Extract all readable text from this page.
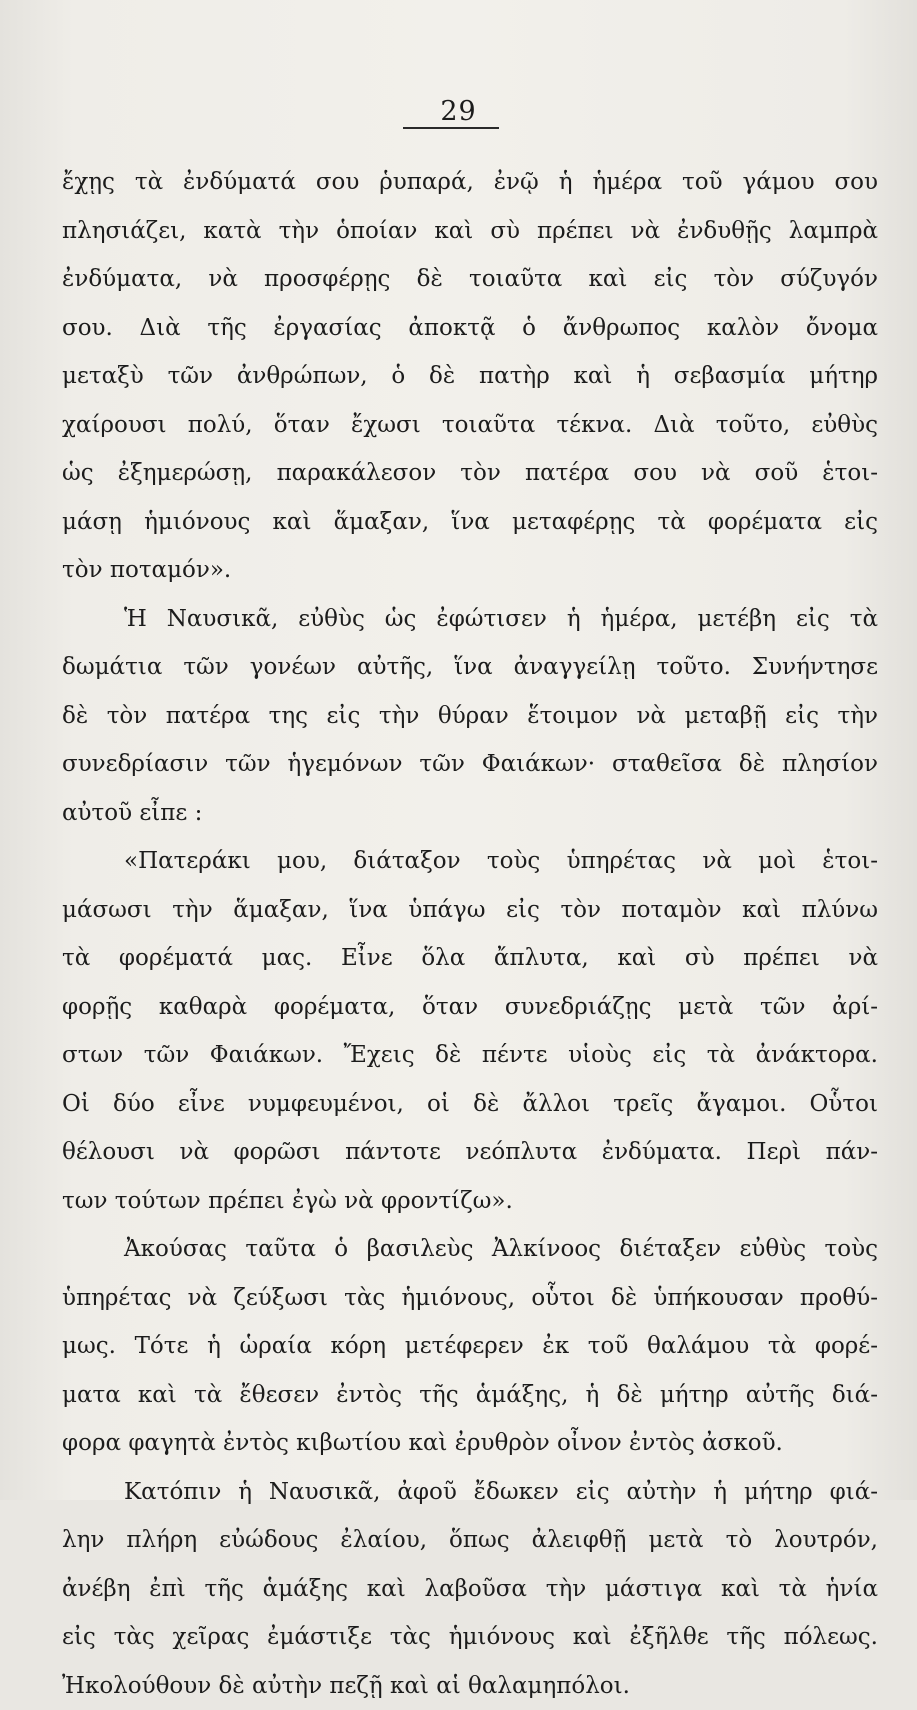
29
ἔχῃς τὰ ἐνδύματά σου ῥυπαρά, ἐνῷ ἡ ἡμέρα τοῦ γάμου σου
πλησιάζει, κατὰ τὴν ὁποίαν καὶ σὺ πρέπει νὰ ἐνδυθῇς λαμπρὰ
ἐνδύματα, νὰ προσφέρῃς δὲ τοιαῦτα καὶ εἰς τὸν σύζυγόν
σου. Διὰ τῆς ἐργασίας ἀποκτᾷ ὁ ἄνθρωπος καλὸν ὄνομα
μεταξὺ τῶν ἀνθρώπων, ὁ δὲ πατὴρ καὶ ἡ σεβασμία μήτηρ
χαίρουσι πολύ, ὅταν ἔχωσι τοιαῦτα τέκνα. Διὰ τοῦτο, εὐθὺς
ὡς ἐξημερώσῃ, παρακάλεσον τὸν πατέρα σου νὰ σοῦ ἑτοι-
μάσῃ ἡμιόνους καὶ ἅμαξαν, ἵνα μεταφέρῃς τὰ φορέματα εἰς
τὸν ποταμόν».
Ἡ Ναυσικᾶ, εὐθὺς ὡς ἐφώτισεν ἡ ἡμέρα, μετέβη εἰς τὰ
δωμάτια τῶν γονέων αὐτῆς, ἵνα ἀναγγείλῃ τοῦτο. Συνήντησε
δὲ τὸν πατέρα της εἰς τὴν θύραν ἕτοιμον νὰ μεταβῇ εἰς τὴν
συνεδρίασιν τῶν ἡγεμόνων τῶν Φαιάκων· σταθεῖσα δὲ πλησίον
αὐτοῦ εἶπε :
«Πατεράκι μου, διάταξον τοὺς ὑπηρέτας νὰ μοὶ ἑτοι-
μάσωσι τὴν ἅμαξαν, ἵνα ὑπάγω εἰς τὸν ποταμὸν καὶ πλύνω
τὰ φορέματά μας. Εἶνε ὅλα ἄπλυτα, καὶ σὺ πρέπει νὰ
φορῇς καθαρὰ φορέματα, ὅταν συνεδριάζῃς μετὰ τῶν ἀρί-
στων τῶν Φαιάκων. Ἔχεις δὲ πέντε υἱοὺς εἰς τὰ ἀνάκτορα.
Οἱ δύο εἶνε νυμφευμένοι, οἱ δὲ ἄλλοι τρεῖς ἄγαμοι. Οὗτοι
θέλουσι νὰ φορῶσι πάντοτε νεόπλυτα ἐνδύματα. Περὶ πάν-
των τούτων πρέπει ἐγὼ νὰ φροντίζω».
Ἀκούσας ταῦτα ὁ βασιλεὺς Ἀλκίνοος διέταξεν εὐθὺς τοὺς
ὑπηρέτας νὰ ζεύξωσι τὰς ἡμιόνους, οὗτοι δὲ ὑπήκουσαν προθύ-
μως. Τότε ἡ ὡραία κόρη μετέφερεν ἐκ τοῦ θαλάμου τὰ φορέ-
ματα καὶ τὰ ἔθεσεν ἐντὸς τῆς ἁμάξης, ἡ δὲ μήτηρ αὐτῆς διά-
φορα φαγητὰ ἐντὸς κιβωτίου καὶ ἐρυθρὸν οἶνον ἐντὸς ἀσκοῦ.
Κατόπιν ἡ Ναυσικᾶ, ἀφοῦ ἔδωκεν εἰς αὐτὴν ἡ μήτηρ φιά-
λην πλήρη εὐώδους ἐλαίου, ὅπως ἀλειφθῇ μετὰ τὸ λουτρόν,
ἀνέβη ἐπὶ τῆς ἁμάξης καὶ λαβοῦσα τὴν μάστιγα καὶ τὰ ἡνία
εἰς τὰς χεῖρας ἐμάστιξε τὰς ἡμιόνους καὶ ἐξῆλθε τῆς πόλεως.
Ἠκολούθουν δὲ αὐτὴν πεζῇ καὶ αἱ θαλαμηπόλοι.
